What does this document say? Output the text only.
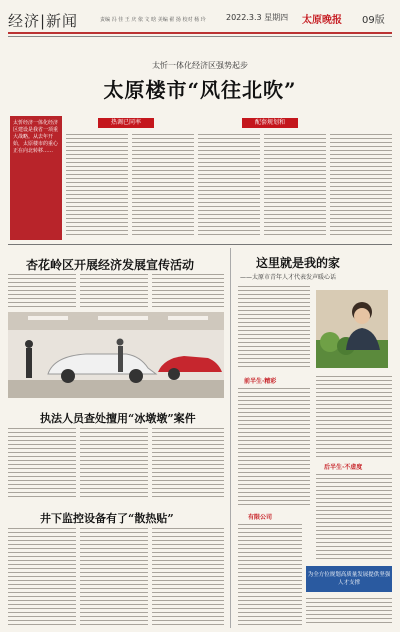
经济|新闻	责编 冯 佳 王 庆 依 文 晗 美编 翟 扬 校对 杨 玲	2022.3.3 星期四 太原晚报 09版
太忻一体化经济区强势起步
太原楼市“风往北吹”
太忻经济一体化经济区建设是我省一项重大战略。从去年开始，太原楼市的重心正在向北转移……
热调已同率	配套规划和
杏花岭区开展经济发展宣传活动
执法人员查处擅用“冰墩墩”案件
井下监控设备有了“散热贴”
这里就是我的家
——太原市青年人才代表发声暖心话
前半生·精彩
后半生·不虚度
有限公司
为全方位规划高质量发展提供坚强人才支撑
